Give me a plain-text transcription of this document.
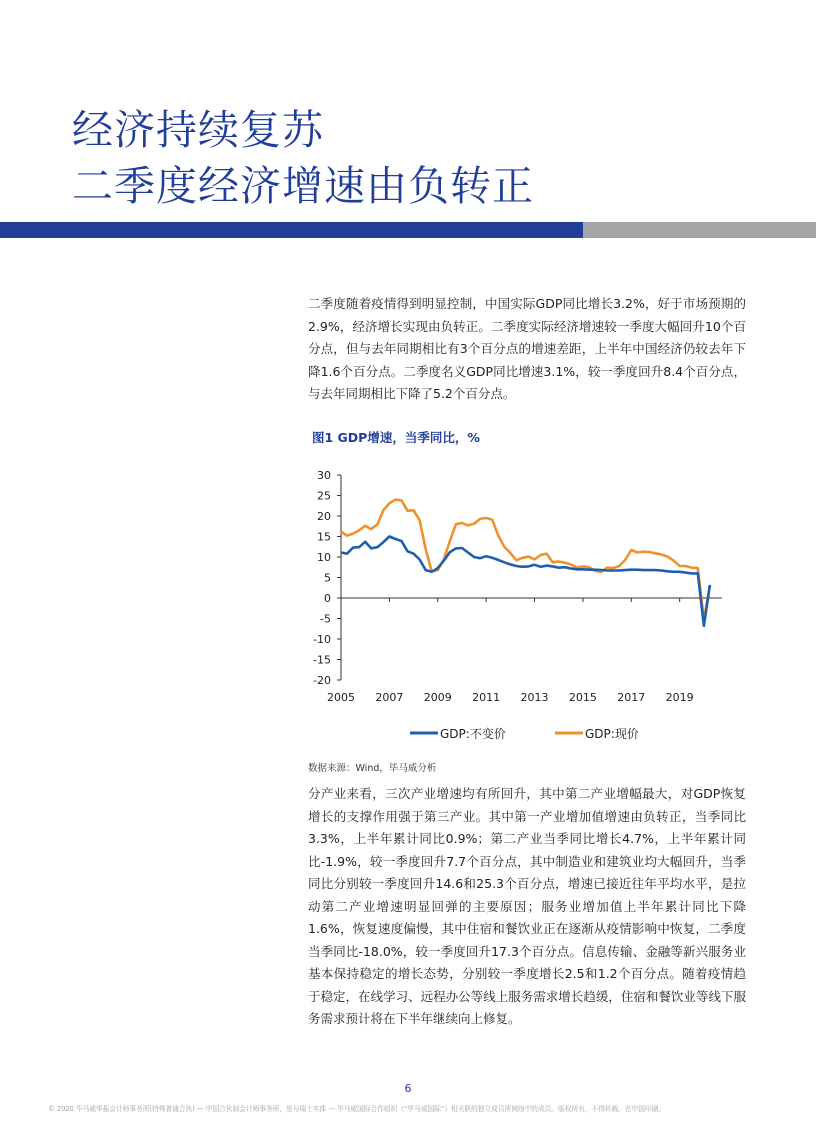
经济持续复苏
二季度经济增速由负转正

二季度随着疫情得到明显控制，中国实际GDP同比增长3.2%，好于市场预期的2.9%，经济增长实现由负转正。二季度实际经济增速较一季度大幅回升10个百分点，但与去年同期相比有3个百分点的增速差距，上半年中国经济仍较去年下降1.6个百分点。二季度名义GDP同比增速3.1%，较一季度回升8.4个百分点，与去年同期相比下降了5.2个百分点。

图1 GDP增速，当季同比，%

30
25
20
15
10
5
0
-5
-10
-15
-20
2005 2007 2009 2011 2013 2015 2017 2019
GDP:不变价	GDP:现价
数据来源：Wind，毕马威分析

分产业来看，三次产业增速均有所回升，其中第二产业增幅最大，对GDP恢复增长的支撑作用强于第三产业。其中第一产业增加值增速由负转正，当季同比3.3%，上半年累计同比0.9%；第二产业当季同比增长4.7%，上半年累计同比-1.9%，较一季度回升7.7个百分点，其中制造业和建筑业均大幅回升，当季同比分别较一季度回升14.6和25.3个百分点，增速已接近往年平均水平，是拉动第二产业增速明显回弹的主要原因；服务业增加值上半年累计同比下降1.6%，恢复速度偏慢，其中住宿和餐饮业正在逐渐从疫情影响中恢复，二季度当季同比-18.0%，较一季度回升17.3个百分点。信息传输、金融等新兴服务业基本保持稳定的增长态势，分别较一季度增长2.5和1.2个百分点。随着疫情趋于稳定，在线学习、远程办公等线上服务需求增长趋缓，住宿和餐饮业等线下服务需求预计将在下半年继续向上修复。

6

© 2020 毕马威华振会计师事务所(特殊普通合伙) — 中国合伙制会计师事务所，是与瑞士实体 — 毕马威国际合作组织（“毕马威国际”）相关联的独立成员所网络中的成员。版权所有，不得转载。在中国印刷。
